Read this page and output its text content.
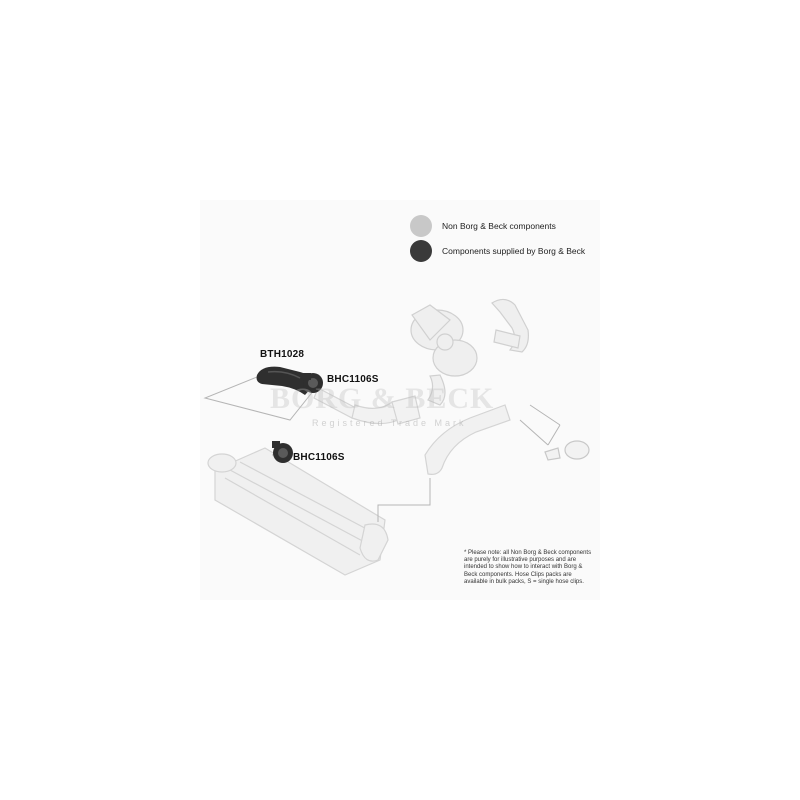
BORG & BECK
Registered Trade Mark
Non Borg & Beck components
Components supplied by Borg & Beck
BTH1028
BHC1106S
BHC1106S
* Please note: all Non Borg & Beck components are purely for illustrative purposes and are intended to show how to interact with Borg & Beck components. Hose Clips packs are available in bulk packs, S = single hose clips.
